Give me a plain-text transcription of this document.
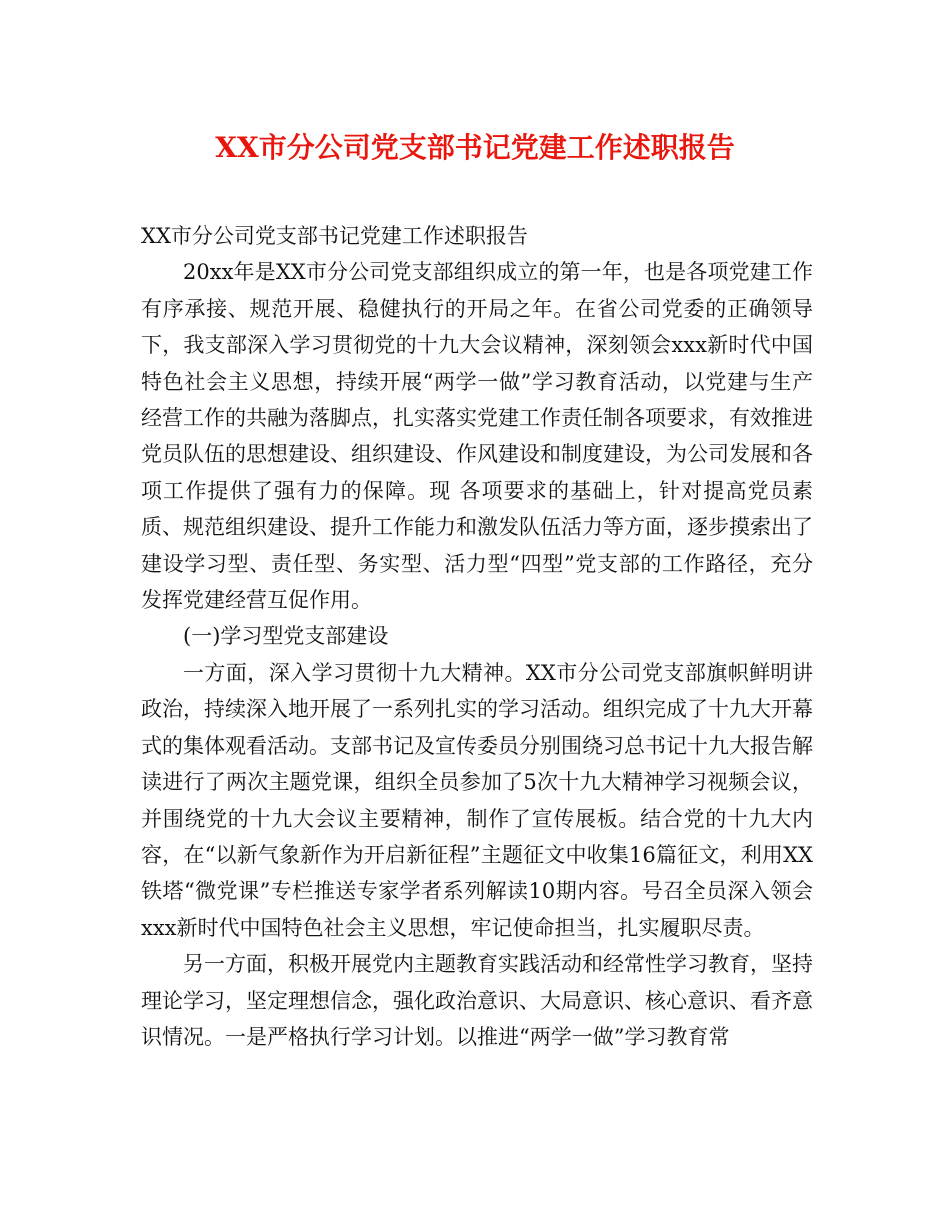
XX市分公司党支部书记党建工作述职报告

XX市分公司党支部书记党建工作述职报告

20xx年是XX市分公司党支部组织成立的第一年，也是各项党建工作有序承接、规范开展、稳健执行的开局之年。在省公司党委的正确领导下，我支部深入学习贯彻党的十九大会议精神，深刻领会xxx新时代中国特色社会主义思想，持续开展“两学一做”学习教育活动，以党建与生产经营工作的共融为落脚点，扎实落实党建工作责任制各项要求，有效推进党员队伍的思想建设、组织建设、作风建设和制度建设，为公司发展和各项工作提供了强有力的保障。现 各项要求的基础上，针对提高党员素质、规范组织建设、提升工作能力和激发队伍活力等方面，逐步摸索出了建设学习型、责任型、务实型、活力型“四型”党支部的工作路径，充分发挥党建经营互促作用。

(一)学习型党支部建设

一方面，深入学习贯彻十九大精神。XX市分公司党支部旗帜鲜明讲政治，持续深入地开展了一系列扎实的学习活动。组织完成了十九大开幕式的集体观看活动。支部书记及宣传委员分别围绕习总书记十九大报告解读进行了两次主题党课，组织全员参加了5次十九大精神学习视频会议，并围绕党的十九大会议主要精神，制作了宣传展板。结合党的十九大内容，在“以新气象新作为开启新征程”主题征文中收集16篇征文，利用XX铁塔“微党课”专栏推送专家学者系列解读10期内容。号召全员深入领会xxx新时代中国特色社会主义思想，牢记使命担当，扎实履职尽责。

另一方面，积极开展党内主题教育实践活动和经常性学习教育，坚持理论学习，坚定理想信念，强化政治意识、大局意识、核心意识、看齐意识情况。一是严格执行学习计划。以推进“两学一做”学习教育常
